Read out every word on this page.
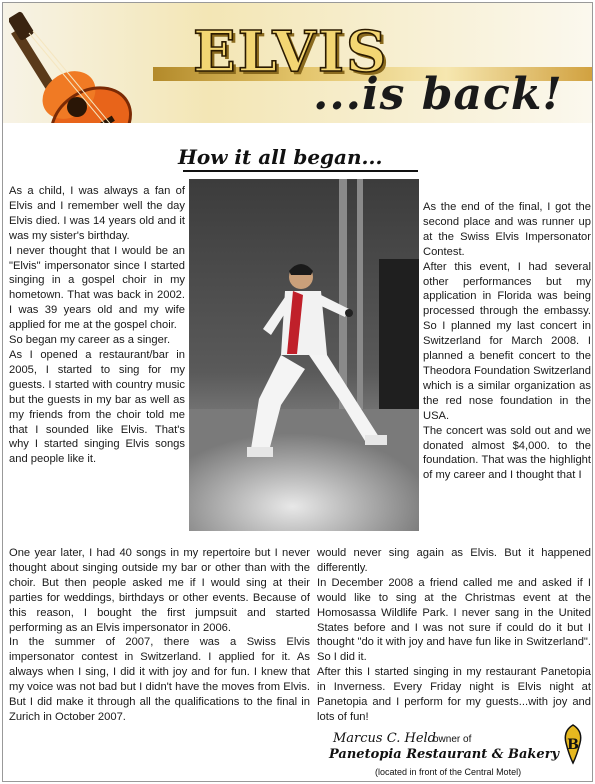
ELVIS
...is back!
How it all began...

As a child, I was always a fan of Elvis and I remember well the day Elvis died. I was 14 years old and it was my sister's birthday.

I never thought that I would be an "Elvis" impersonator since I started singing in a gospel choir in my hometown. That was back in 2002. I was 39 years old and my wife applied for me at the gospel choir.

So began my career as a singer.

As I opened a restaurant/bar in 2005, I started to sing for my guests. I started with country music but the guests in my bar as well as my friends from the choir told me that I sounded like Elvis. That's why I started singing Elvis songs and people like it.

As the end of the final, I got the second place and was runner up at the Swiss Elvis Impersonator Contest.

After this event, I had several other performances but my application in Florida was being processed through the embassy. So I planned my last concert in Switzerland for March 2008. I planned a benefit concert to the Theodora Foundation Switzerland which is a similar organization as the red nose foundation in the USA.

The concert was sold out and we donated almost $4,000. to the foundation. That was the highlight of my career and I thought that I

One year later, I had 40 songs in my repertoire but I never thought about singing outside my bar or other than with the choir. But then people asked me if I would sing at their parties for weddings, birthdays or other events. Because of this reason, I bought the first jumpsuit and started performing as an Elvis impersonator in 2006.

In the summer of 2007, there was a Swiss Elvis impersonator contest in Switzerland. I applied for it. As always when I sing, I did it with joy and for fun. I knew that my voice was not bad but I didn't have the moves from Elvis. But I did make it through all the qualifications to the final in Zurich in October 2007.

would never sing again as Elvis. But it happened differently.

In December 2008 a friend called me and asked if I would like to sing at the Christmas event at the Homosassa Wildlife Park. I never sang in the United States before and I was not sure if could do it but I thought "do it with joy and have fun like in Switzerland". So I did it.

After this I started singing in my restaurant Panetopia in Inverness. Every Friday night is Elvis night at Panetopia and I perform for my guests...with joy and lots of fun!

Marcus C. Held
owner of
Panetopia Restaurant & Bakery
(located in front of the Central Motel)
B
